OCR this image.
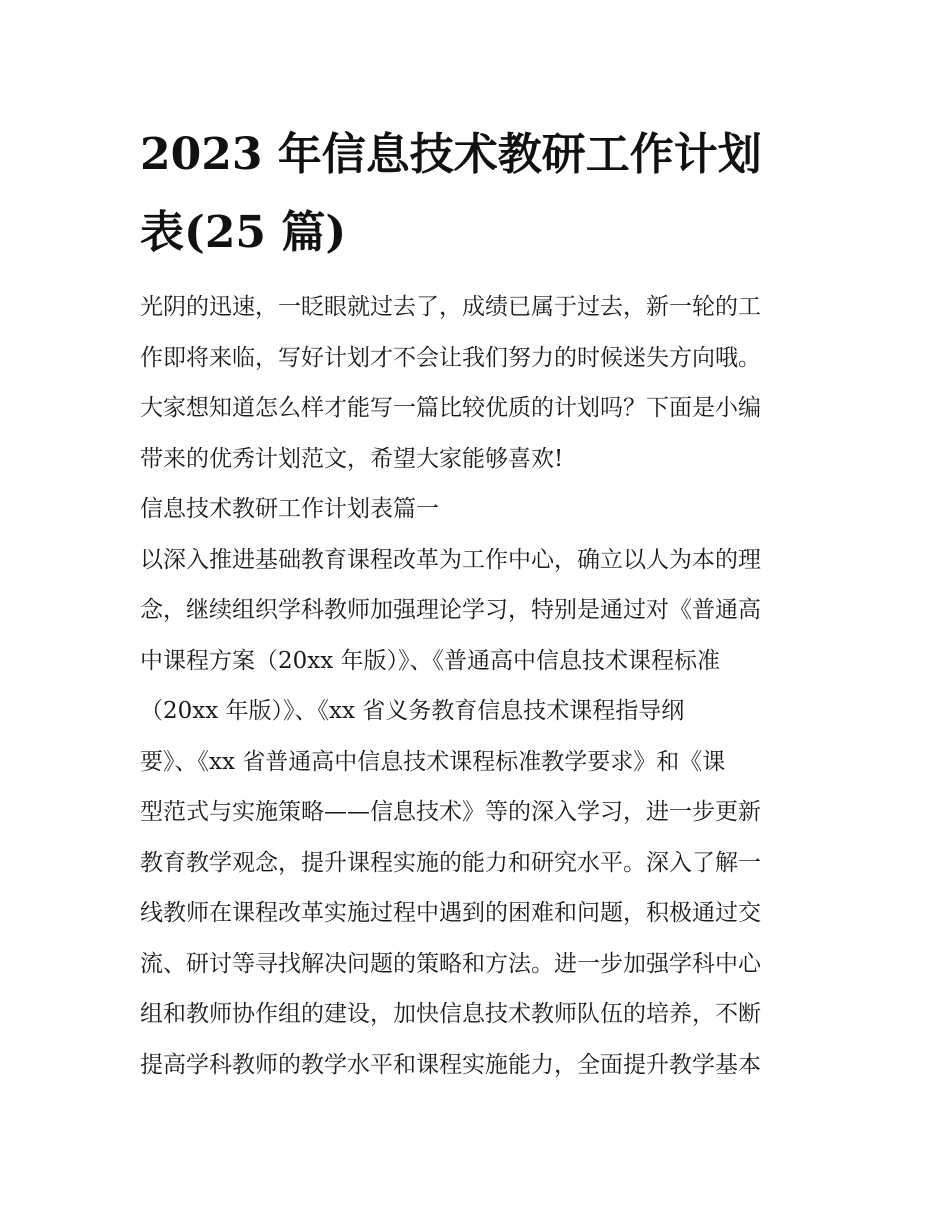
2023 年信息技术教研工作计划
表(25 篇)
光阴的迅速，一眨眼就过去了，成绩已属于过去，新一轮的工
作即将来临，写好计划才不会让我们努力的时候迷失方向哦。
大家想知道怎么样才能写一篇比较优质的计划吗？下面是小编
带来的优秀计划范文，希望大家能够喜欢!
信息技术教研工作计划表篇一
以深入推进基础教育课程改革为工作中心，确立以人为本的理
念，继续组织学科教师加强理论学习，特别是通过对《普通高
中课程方案（20xx 年版）》、《普通高中信息技术课程标准
（20xx 年版）》、《xx 省义务教育信息技术课程指导纲
要》、《xx 省普通高中信息技术课程标准教学要求》和《课
型范式与实施策略——信息技术》等的深入学习，进一步更新
教育教学观念，提升课程实施的能力和研究水平。深入了解一
线教师在课程改革实施过程中遇到的困难和问题，积极通过交
流、研讨等寻找解决问题的策略和方法。进一步加强学科中心
组和教师协作组的建设，加快信息技术教师队伍的培养，不断
提高学科教师的教学水平和课程实施能力，全面提升教学基本
